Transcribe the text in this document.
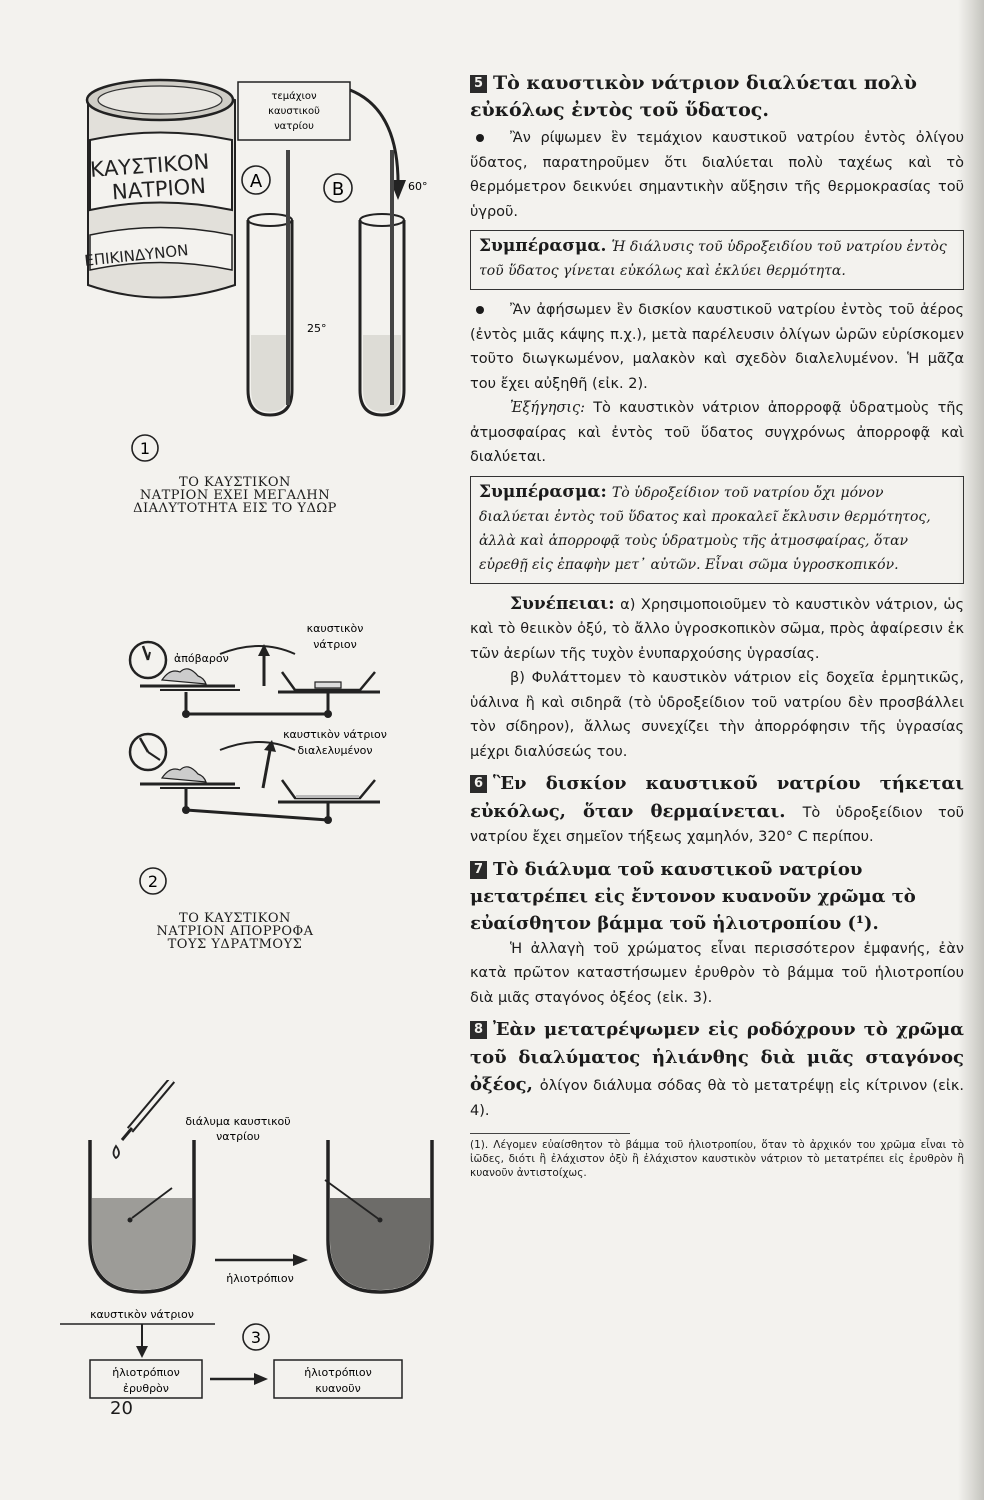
ΚΑΥΣΤΙΚΟΝ
ΝΑΤΡΙΟΝ
ΕΠΙΚΙΝΔΥΝΟΝ
τεμάχιον
καυστικοῦ
νατρίου
A	B
25°
60°
1
ΤΟ ΚΑΥΣΤΙΚΟΝ
ΝΑΤΡΙΟΝ ΕΧΕΙ ΜΕΓΑΛΗΝ
ΔΙΑΛΥΤΟΤΗΤΑ ΕΙΣ ΤΟ ΥΔΩΡ
καυστικὸν
νάτριον
ἀπόβαρον
καυστικὸν νάτριον
διαλελυμένον
2
ΤΟ ΚΑΥΣΤΙΚΟΝ
ΝΑΤΡΙΟΝ ΑΠΟΡΡΟΦΑ
ΤΟΥΣ ΥΔΡΑΤΜΟΥΣ
διάλυμα καυστικοῦ
νατρίου
ἡλιοτρόπιον
καυστικὸν νάτριον
3
ἡλιοτρόπιον
ἐρυθρὸν
ἡλιοτρόπιον
κυανοῦν

5 Τὸ καυστικὸν νάτριον διαλύεται πολὺ εὐκόλως ἐντὸς τοῦ ὕδατος.

Ἂν ρίψωμεν ἓν τεμάχιον καυστικοῦ νατρίου ἐντὸς ὀλίγου ὕδατος, παρατηροῦμεν ὅτι διαλύεται πολὺ ταχέως καὶ τὸ θερμόμετρον δεικνύει σημαντικὴν αὔξησιν τῆς θερμοκρασίας τοῦ ὑγροῦ.

Συμπέρασμα. Ἡ διάλυσις τοῦ ὑδροξειδίου τοῦ νατρίου ἐντὸς τοῦ ὕδατος γίνεται εὐκόλως καὶ ἐκλύει θερμότητα.

Ἂν ἀφήσωμεν ἓν δισκίον καυστικοῦ νατρίου ἐντὸς τοῦ ἀέρος (ἐντὸς μιᾶς κάψης π.χ.), μετὰ παρέλευσιν ὀλίγων ὡρῶν εὑρίσκομεν τοῦτο διωγκωμένον, μαλακὸν καὶ σχεδὸν διαλελυμένον. Ἡ μᾶζα του ἔχει αὐξηθῆ (εἰκ. 2).

Ἐξήγησις: Τὸ καυστικὸν νάτριον ἀπορροφᾷ ὑδρατμοὺς τῆς ἀτμοσφαίρας καὶ ἐντὸς τοῦ ὕδατος συγχρόνως ἀπορροφᾷ καὶ διαλύεται.

Συμπέρασμα: Τὸ ὑδροξείδιον τοῦ νατρίου ὄχι μόνον διαλύεται ἐντὸς τοῦ ὕδατος καὶ προκαλεῖ ἔκλυσιν θερμότητος, ἀλλὰ καὶ ἀπορροφᾷ τοὺς ὑδρατμοὺς τῆς ἀτμοσφαίρας, ὅταν εὑρεθῇ εἰς ἐπαφὴν μετ᾽ αὐτῶν. Εἶναι σῶμα ὑγροσκοπικόν.

Συνέπειαι: α) Χρησιμοποιοῦμεν τὸ καυστικὸν νάτριον, ὡς καὶ τὸ θειικὸν ὀξύ, τὸ ἄλλο ὑγροσκοπικὸν σῶμα, πρὸς ἀφαίρεσιν ἐκ τῶν ἀερίων τῆς τυχὸν ἐνυπαρχούσης ὑγρασίας.

β) Φυλάττομεν τὸ καυστικὸν νάτριον εἰς δοχεῖα ἑρμητικῶς, ὑάλινα ἢ καὶ σιδηρᾶ (τὸ ὑδροξείδιον τοῦ νατρίου δὲν προσβάλλει τὸν σίδηρον), ἄλλως συνεχίζει τὴν ἀπορρόφησιν τῆς ὑγρασίας μέχρι διαλύσεώς του.

6 Ἓν δισκίον καυστικοῦ νατρίου τήκεται εὐκόλως, ὅταν θερμαίνεται. Τὸ ὑδροξείδιον τοῦ νατρίου ἔχει σημεῖον τήξεως χαμηλόν, 320° C περίπου.

7 Τὸ διάλυμα τοῦ καυστικοῦ νατρίου μετατρέπει εἰς ἔντονον κυανοῦν χρῶμα τὸ εὐαίσθητον βάμμα τοῦ ἡλιοτροπίου (¹).

Ἡ ἀλλαγὴ τοῦ χρώματος εἶναι περισσότερον ἐμφανής, ἐὰν κατὰ πρῶτον καταστήσωμεν ἐρυθρὸν τὸ βάμμα τοῦ ἡλιοτροπίου διὰ μιᾶς σταγόνος ὀξέος (εἰκ. 3).

8 Ἐὰν μετατρέψωμεν εἰς ροδόχρουν τὸ χρῶμα τοῦ διαλύματος ἡλιάνθης διὰ μιᾶς σταγόνος ὀξέος, ὀλίγον διάλυμα σόδας θὰ τὸ μετατρέψῃ εἰς κίτρινον (εἰκ. 4).

(1). Λέγομεν εὐαίσθητον τὸ βάμμα τοῦ ἡλιοτροπίου, ὅταν τὸ ἀρχικόν του χρῶμα εἶναι τὸ ἰῶδες, διότι ἢ ἐλάχιστον ὀξὺ ἢ ἐλάχιστον καυστικὸν νάτριον τὸ μετατρέπει εἰς ἐρυθρὸν ἢ κυανοῦν ἀντιστοίχως.

20
